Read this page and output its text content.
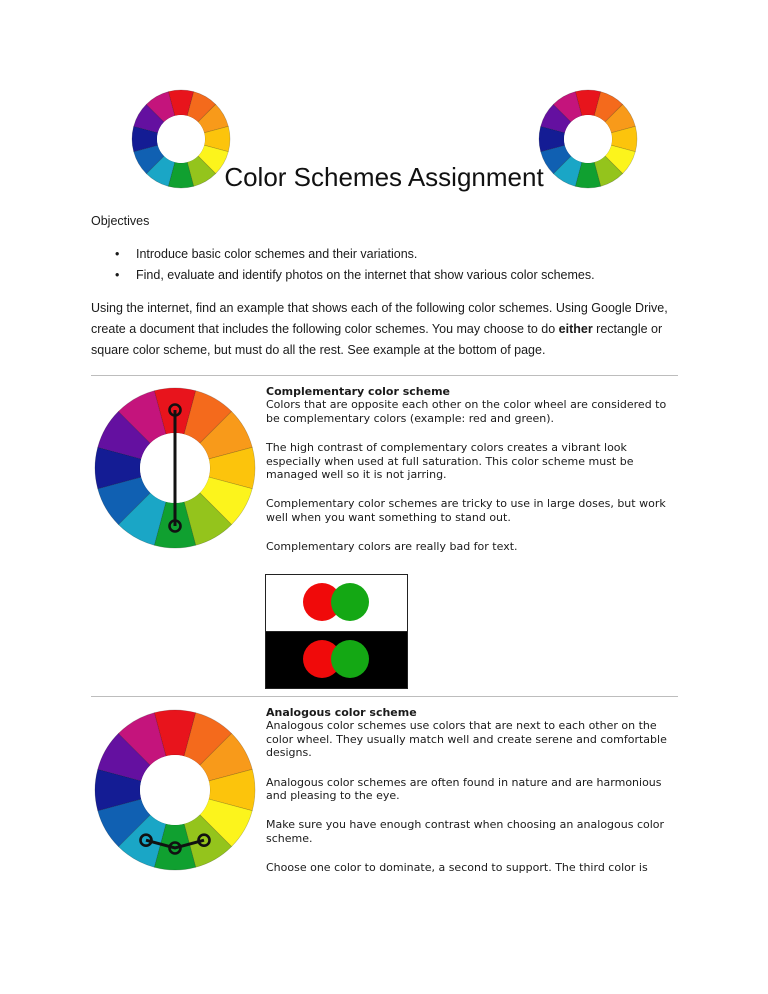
Color Schemes Assignment
Objectives
• Introduce basic color schemes and their variations.
• Find, evaluate and identify photos on the internet that show various color schemes.
Using the internet, find an example that shows each of the following color schemes. Using Google Drive, create a document that includes the following color schemes. You may choose to do either rectangle or square color scheme, but must do all the rest. See example at the bottom of page.
Complementary color scheme

Colors that are opposite each other on the color wheel are considered to be complementary colors (example: red and green).

The high contrast of complementary colors creates a vibrant look especially when used at full saturation. This color scheme must be managed well so it is not jarring.

Complementary color schemes are tricky to use in large doses, but work well when you want something to stand out.

Complementary colors are really bad for text.

Analogous color scheme

Analogous color schemes use colors that are next to each other on the color wheel. They usually match well and create serene and comfortable designs.

Analogous color schemes are often found in nature and are harmonious and pleasing to the eye.

Make sure you have enough contrast when choosing an analogous color scheme.

Choose one color to dominate, a second to support. The third color is
